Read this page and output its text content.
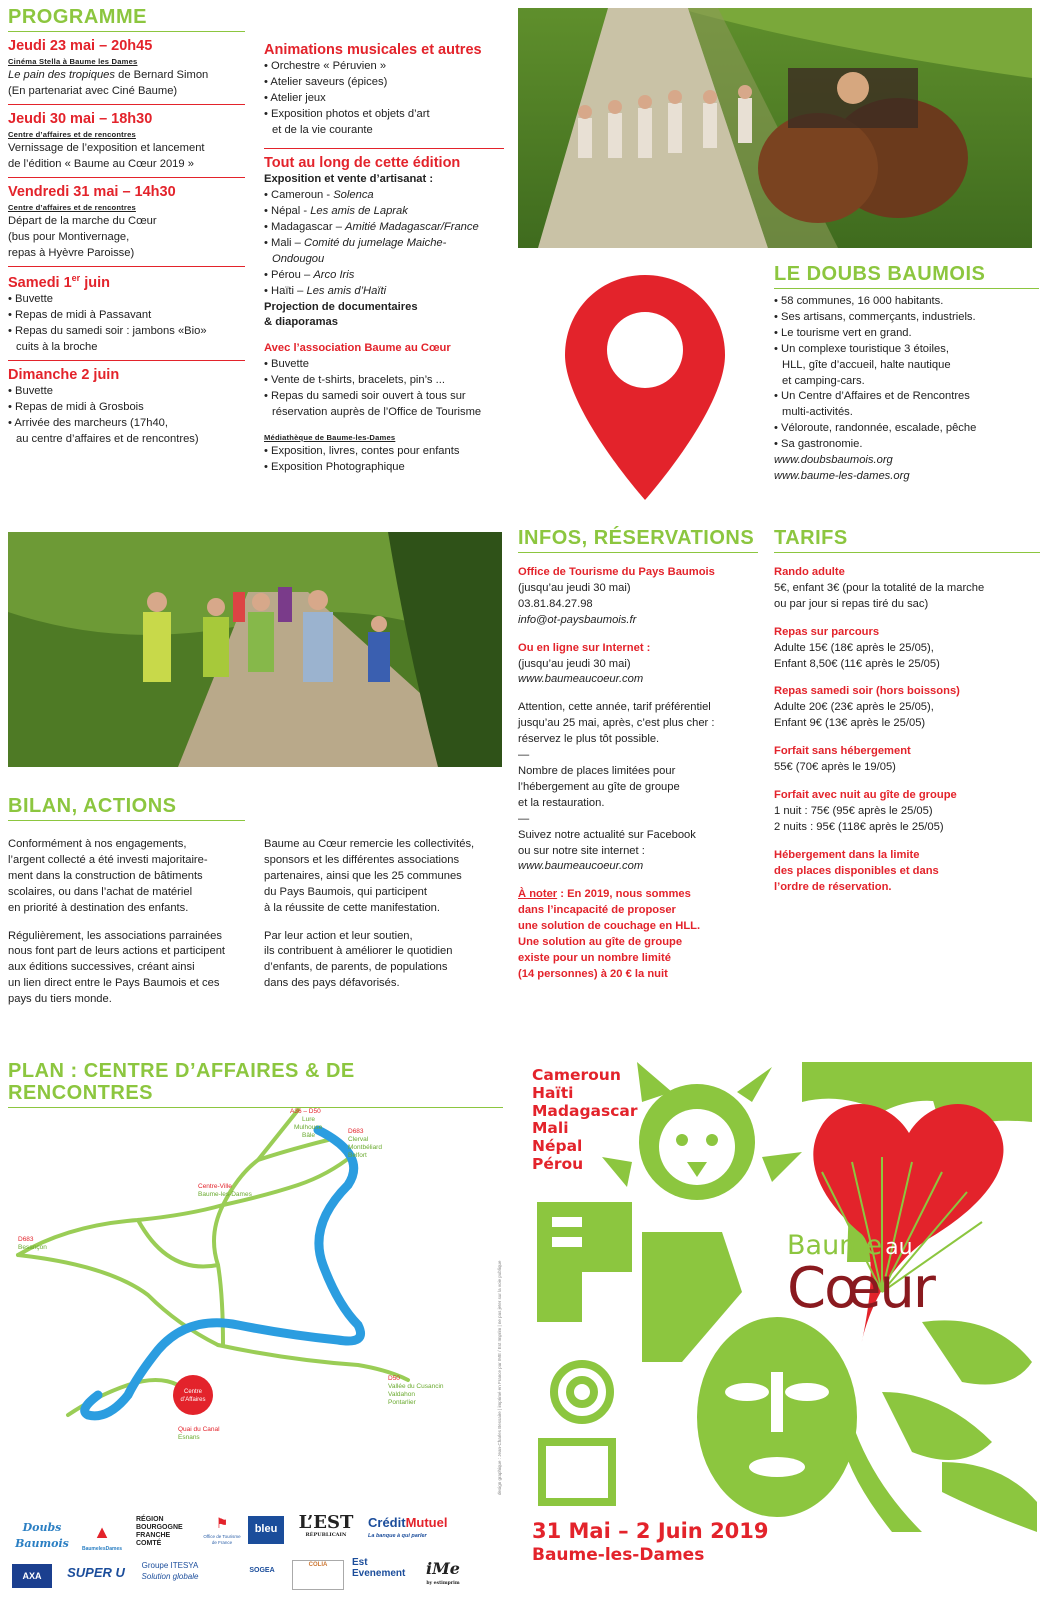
PROGRAMME
Jeudi 23 mai – 20h45
Cinéma Stella à Baume les Dames
Le pain des tropiques de Bernard Simon
(En partenariat avec Ciné Baume)
Jeudi 30 mai – 18h30
Centre d’affaires et de rencontres
Vernissage de l’exposition et lancement
de l’édition « Baume au Cœur 2019 »
Vendredi 31 mai – 14h30
Centre d’affaires et de rencontres
Départ de la marche du Cœur
(bus pour Montivernage,
repas à Hyèvre Paroisse)
Samedi 1er juin
• Buvette
• Repas de midi à Passavant
• Repas du samedi soir : jambons «Bio»
cuits à la broche
Dimanche 2 juin
• Buvette
• Repas de midi à Grosbois
• Arrivée des marcheurs (17h40,
au centre d’affaires et de rencontres)
Animations musicales et autres
• Orchestre « Péruvien »
• Atelier saveurs (épices)
• Atelier jeux
• Exposition photos et objets d’art
et de la vie courante
Tout au long de cette édition
Exposition et vente d’artisanat :
• Cameroun - Solenca
• Népal - Les amis de Laprak
• Madagascar – Amitié Madagascar/France
• Mali – Comité du jumelage Maiche-
Ondougou
• Pérou – Arco Iris
• Haïti – Les amis d’Haïti
Projection de documentaires
& diaporamas
Avec l’association Baume au Cœur
• Buvette
• Vente de t-shirts, bracelets, pin’s ...
• Repas du samedi soir ouvert à tous sur
réservation auprès de l’Office de Tourisme
Médiathèque de Baume-les-Dames
• Exposition, livres, contes pour enfants
• Exposition Photographique
LE DOUBS BAUMOIS
• 58 communes, 16 000 habitants.
• Ses artisans, commerçants, industriels.
• Le tourisme vert en grand.
• Un complexe touristique 3 étoiles,
HLL, gîte d’accueil, halte nautique
et camping-cars.
• Un Centre d’Affaires et de Rencontres
multi-activités.
• Véloroute, randonnée, escalade, pêche
• Sa gastronomie.
www.doubsbaumois.org
www.baume-les-dames.org
INFOS, RÉSERVATIONS
Office de Tourisme du Pays Baumois
(jusqu’au jeudi 30 mai)
03.81.84.27.98
info@ot-paysbaumois.fr
Ou en ligne sur Internet :
(jusqu’au jeudi 30 mai)
www.baumeaucoeur.com
Attention, cette année, tarif préférentiel
jusqu’au 25 mai, après, c’est plus cher :
réservez le plus tôt possible.
—
Nombre de places limitées pour
l’hébergement au gîte de groupe
et la restauration.
—
Suivez notre actualité sur Facebook
ou sur notre site internet :
www.baumeaucoeur.com
À noter : En 2019, nous sommes
dans l’incapacité de proposer
une solution de couchage en HLL.
Une solution au gîte de groupe
existe pour un nombre limité
(14 personnes) à 20 € la nuit
TARIFS
Rando adulte
5€, enfant 3€ (pour la totalité de la marche
ou par jour si repas tiré du sac)
Repas sur parcours
Adulte 15€ (18€ après le 25/05),
Enfant 8,50€ (11€ après le 25/05)
Repas samedi soir (hors boissons)
Adulte 20€ (23€ après le 25/05),
Enfant 9€ (13€ après le 25/05)
Forfait sans hébergement
55€ (70€ après le 19/05)
Forfait avec nuit au gîte de groupe
1 nuit : 75€ (95€ après le 25/05)
2 nuits : 95€ (118€ après le 25/05)
Hébergement dans la limite
des places disponibles et dans
l’ordre de réservation.
BILAN, ACTIONS
Conformément à nos engagements,
l’argent collecté a été investi majoritaire-
ment dans la construction de bâtiments
scolaires, ou dans l’achat de matériel
en priorité à destination des enfants.
Régulièrement, les associations parrainées
nous font part de leurs actions et participent
aux éditions successives, créant ainsi
un lien direct entre le Pays Baumois et ces
pays du tiers monde.
Baume au Cœur remercie les collectivités,
sponsors et les différentes associations
partenaires, ainsi que les 25 communes
du Pays Baumois, qui participent
à la réussite de cette manifestation.
Par leur action et leur soutien,
ils contribuent à améliorer le quotidien
d’enfants, de parents, de populations
dans des pays défavorisés.
PLAN : CENTRE D’AFFAIRES & DE RENCONTRES
A36 – D50
D683
Centre-Ville
D683
D50
Quai du Canal
Lure
Mulhouse
Bâle
Clerval
Montbéliard
Belfort
Baume-les-Dames
Besançon
Vallée du Cusancin
Valdahon
Pontarlier
Esnans
Doubs
Centre
d’Affaires	design graphique : Jean-Charles Bessaire | imprimé en France par IME / Est Imprim | ne pas jeter sur la voie publique
Cameroun
Haïti
Madagascar
Mali
Népal
Pérou
Baume au
Cœur
31 Mai – 2 Juin 2019
Baume-les-Dames
Doubs Baumois
▲
BaumelesDames
RÉGION
BOURGOGNE
FRANCHE
COMTÉ
⚑
Office de Tourisme de France
bleu	L’EST
RÉPUBLICAIN
CréditMutuel
La banque à qui parler
AXA	SUPER U	Groupe ITESYA
Solution globale
SOGEA
COLIA	Est
Evenement	iMe
by estimprim
